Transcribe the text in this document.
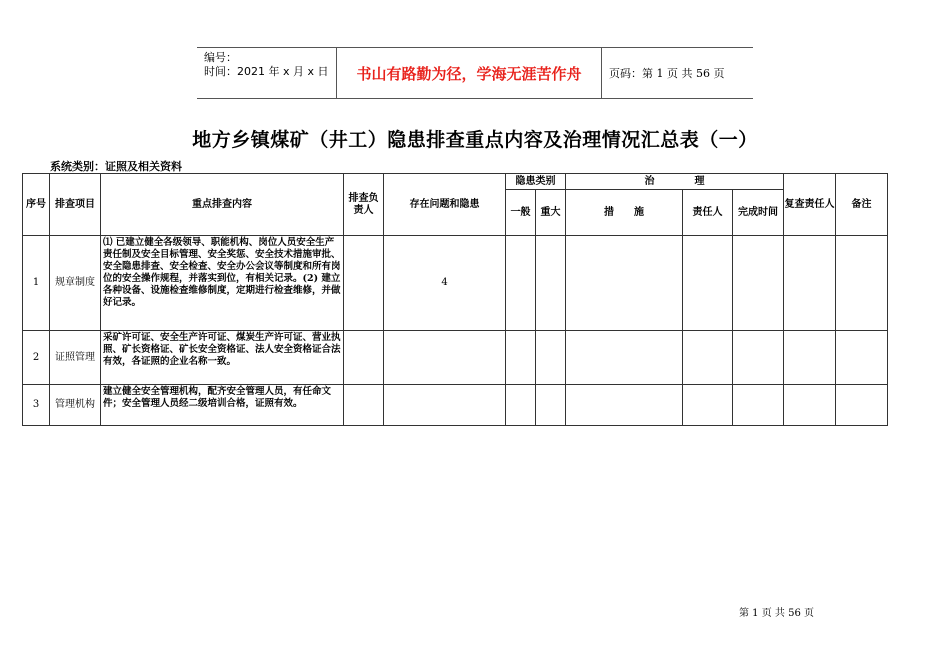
编号：
时间：2021 年 x 月 x 日	书山有路勤为径，学海无涯苦作舟	页码：第 1 页 共 56 页
地方乡镇煤矿（井工）隐患排查重点内容及治理情况汇总表（一）
系统类别：证照及相关资料
序号	排查项目	重点排查内容	排查负责人	存在问题和隐患	隐患类别		治　　　　理			复查责任人	备注
					一般	重大	措　　施	责任人	完成时间		
1	规章制度	⑴ 已建立健全各级领导、职能机构、岗位人员安全生产责任制及安全目标管理、安全奖惩、安全技术措施审批、安全隐患排查、安全检查、安全办公会议等制度和所有岗位的安全操作规程，并落实到位，有相关记录。(2) 建立各种设备、设施检查维修制度，定期进行检查维修，并做好记录。		4							
2	证照管理	采矿许可证、安全生产许可证、煤炭生产许可证、营业执照、矿长资格证、矿长安全资格证、法人安全资格证合法有效，各证照的企业名称一致。									
3	管理机构	建立健全安全管理机构，配齐安全管理人员，有任命文件；安全管理人员经二级培训合格，证照有效。									
第 1 页 共 56 页
